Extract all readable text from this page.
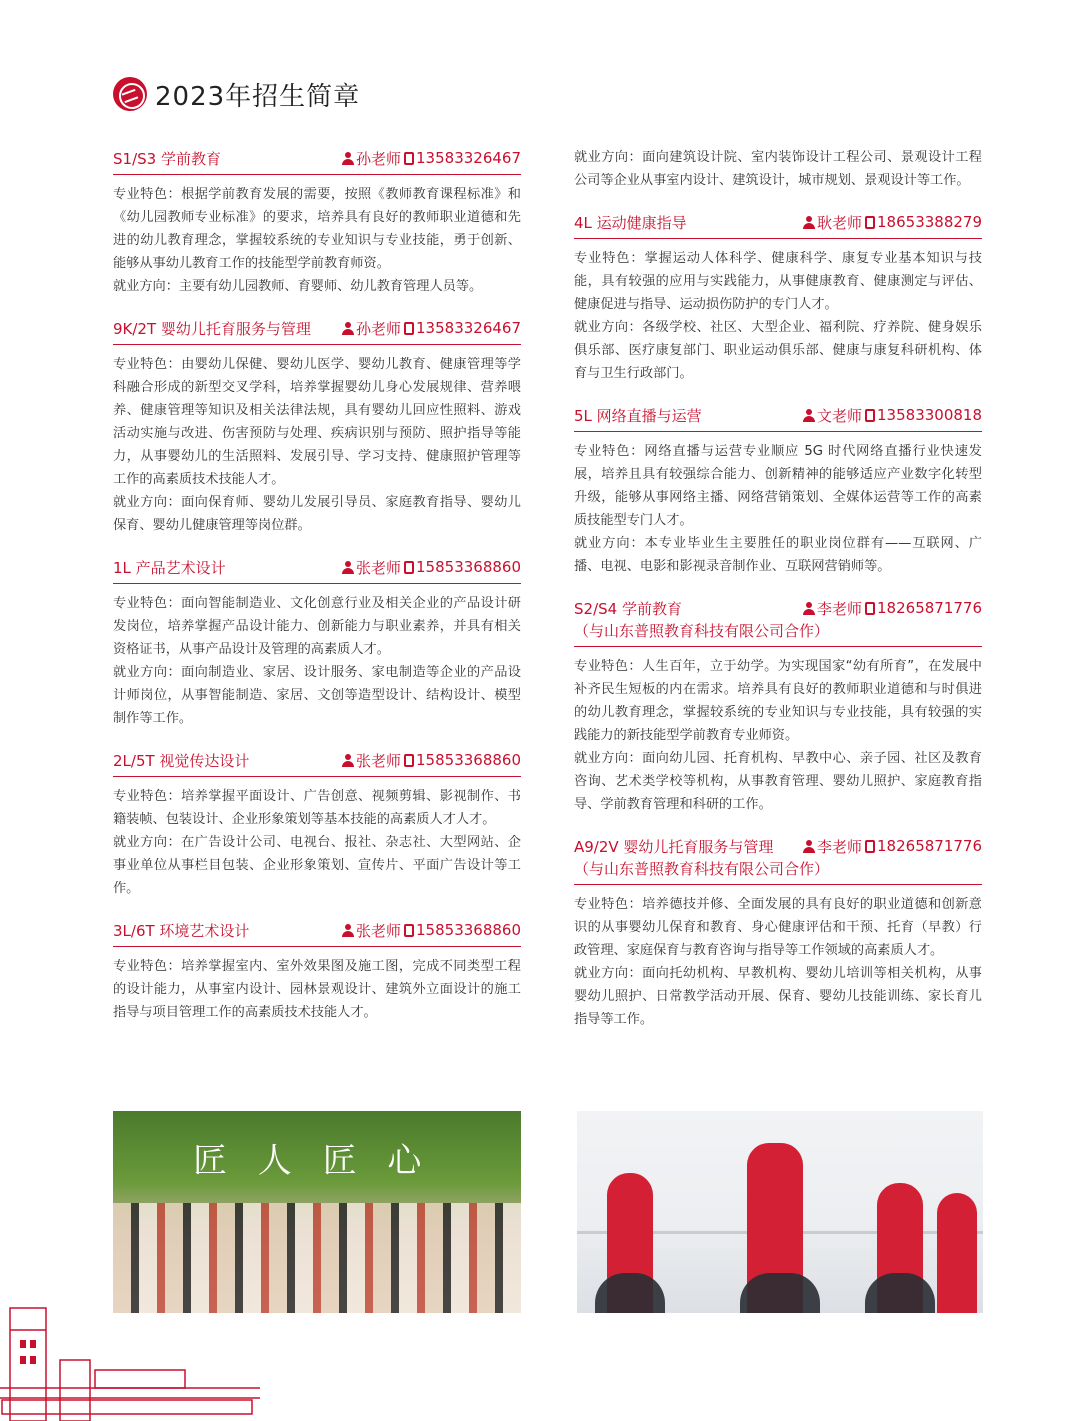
2023年招生简章
S1/S3 学前教育	孙老师 13583326467

专业特色：根据学前教育发展的需要，按照《教师教育课程标准》和《幼儿园教师专业标准》的要求，培养具有良好的教师职业道德和先进的幼儿教育理念，掌握较系统的专业知识与专业技能，勇于创新、能够从事幼儿教育工作的技能型学前教育师资。

就业方向：主要有幼儿园教师、育婴师、幼儿教育管理人员等。

9K/2T 婴幼儿托育服务与管理	孙老师 13583326467

专业特色：由婴幼儿保健、婴幼儿医学、婴幼儿教育、健康管理等学科融合形成的新型交叉学科，培养掌握婴幼儿身心发展规律、营养喂养、健康管理等知识及相关法律法规，具有婴幼儿回应性照料、游戏活动实施与改进、伤害预防与处理、疾病识别与预防、照护指导等能力，从事婴幼儿的生活照料、发展引导、学习支持、健康照护管理等工作的高素质技术技能人才。

就业方向：面向保育师、婴幼儿发展引导员、家庭教育指导、婴幼儿保育、婴幼儿健康管理等岗位群。

1L 产品艺术设计	张老师 15853368860

专业特色：面向智能制造业、文化创意行业及相关企业的产品设计研发岗位，培养掌握产品设计能力、创新能力与职业素养，并具有相关资格证书，从事产品设计及管理的高素质人才。

就业方向：面向制造业、家居、设计服务、家电制造等企业的产品设计师岗位，从事智能制造、家居、文创等造型设计、结构设计、模型制作等工作。

2L/5T 视觉传达设计	张老师 15853368860

专业特色：培养掌握平面设计、广告创意、视频剪辑、影视制作、书籍装帧、包装设计、企业形象策划等基本技能的高素质人才人才。

就业方向：在广告设计公司、电视台、报社、杂志社、大型网站、企事业单位从事栏目包装、企业形象策划、宣传片、平面广告设计等工作。

3L/6T 环境艺术设计	张老师 15853368860

专业特色：培养掌握室内、室外效果图及施工图，完成不同类型工程的设计能力，从事室内设计、园林景观设计、建筑外立面设计的施工指导与项目管理工作的高素质技术技能人才。

就业方向：面向建筑设计院、室内装饰设计工程公司、景观设计工程公司等企业从事室内设计、建筑设计，城市规划、景观设计等工作。

4L 运动健康指导	耿老师 18653388279

专业特色：掌握运动人体科学、健康科学、康复专业基本知识与技能，具有较强的应用与实践能力，从事健康教育、健康测定与评估、健康促进与指导、运动损伤防护的专门人才。

就业方向：各级学校、社区、大型企业、福利院、疗养院、健身娱乐俱乐部、医疗康复部门、职业运动俱乐部、健康与康复科研机构、体育与卫生行政部门。

5L 网络直播与运营	文老师 13583300818

专业特色：网络直播与运营专业顺应 5G 时代网络直播行业快速发展，培养且具有较强综合能力、创新精神的能够适应产业数字化转型升级，能够从事网络主播、网络营销策划、全媒体运营等工作的高素质技能型专门人才。

就业方向：本专业毕业生主要胜任的职业岗位群有——互联网、广播、电视、电影和影视录音制作业、互联网营销师等。

S2/S4 学前教育	李老师 18265871776
（与山东普照教育科技有限公司合作）

专业特色：人生百年，立于幼学。为实现国家“幼有所育”，在发展中补齐民生短板的内在需求。培养具有良好的教师职业道德和与时俱进的幼儿教育理念，掌握较系统的专业知识与专业技能，具有较强的实践能力的新技能型学前教育专业师资。

就业方向：面向幼儿园、托育机构、早教中心、亲子园、社区及教育咨询、艺术类学校等机构，从事教育管理、婴幼儿照护、家庭教育指导、学前教育管理和科研的工作。

A9/2V 婴幼儿托育服务与管理	李老师 18265871776
（与山东普照教育科技有限公司合作）

专业特色：培养德技并修、全面发展的具有良好的职业道德和创新意识的从事婴幼儿保育和教育、身心健康评估和干预、托育（早教）行政管理、家庭保育与教育咨询与指导等工作领域的高素质人才。

就业方向：面向托幼机构、早教机构、婴幼儿培训等相关机构，从事婴幼儿照护、日常教学活动开展、保育、婴幼儿技能训练、家长育儿指导等工作。

匠 人 匠 心
